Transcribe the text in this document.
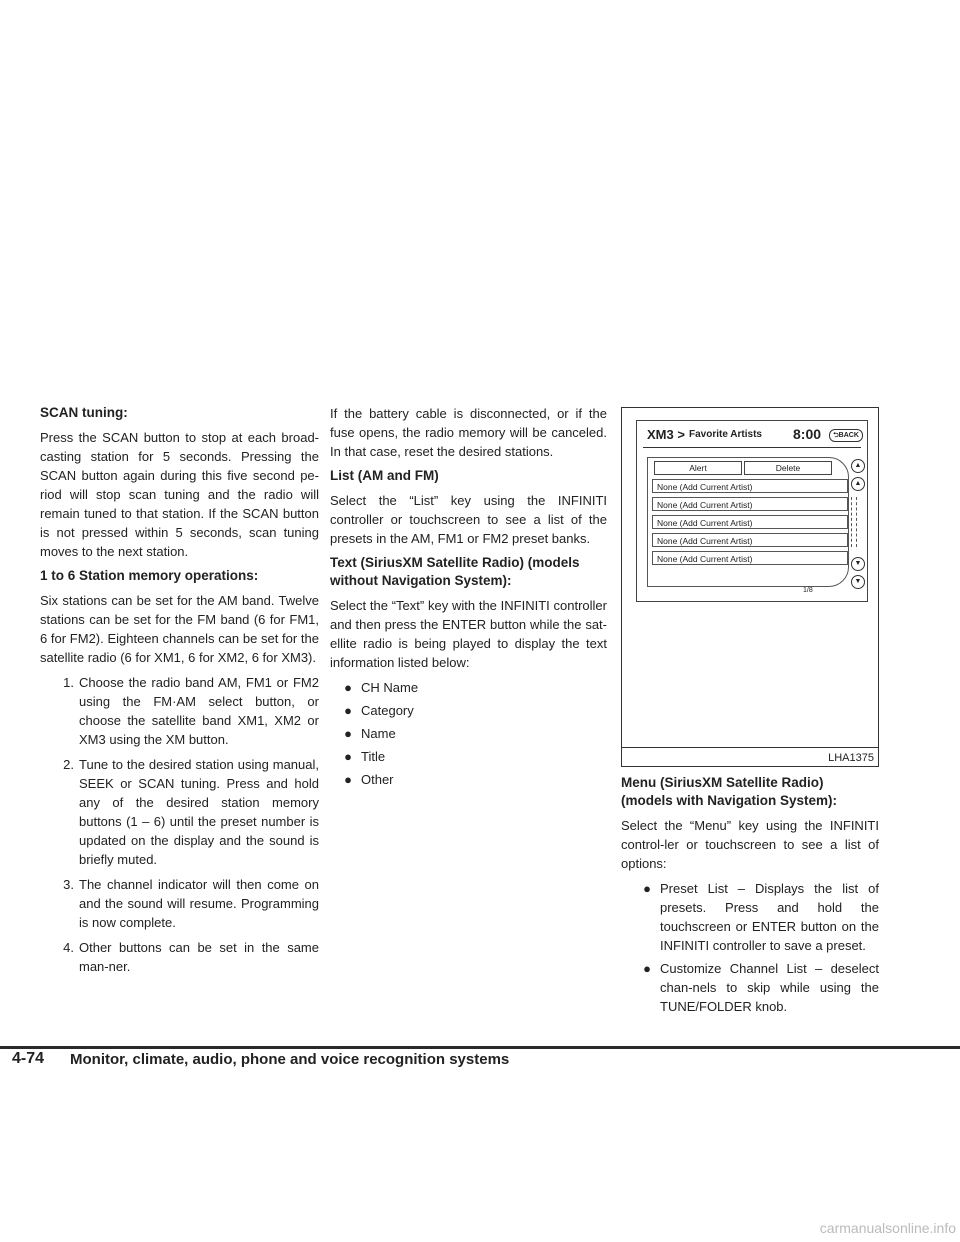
SCAN tuning:

Press the SCAN button to stop at each broad-casting station for 5 seconds. Pressing the SCAN button again during this five second pe-riod will stop scan tuning and the radio will remain tuned to that station. If the SCAN button is not pressed within 5 seconds, scan tuning moves to the next station.

1 to 6 Station memory operations:

Six stations can be set for the AM band. Twelve stations can be set for the FM band (6 for FM1, 6 for FM2). Eighteen channels can be set for the satellite radio (6 for XM1, 6 for XM2, 6 for XM3).

1. Choose the radio band AM, FM1 or FM2 using the FM·AM select button, or choose the satellite band XM1, XM2 or XM3 using the XM button.
2. Tune to the desired station using manual, SEEK or SCAN tuning. Press and hold any of the desired station memory buttons (1 – 6) until the preset number is updated on the display and the sound is briefly muted.
3. The channel indicator will then come on and the sound will resume. Programming is now complete.
4. Other buttons can be set in the same man-ner.

If the battery cable is disconnected, or if the fuse opens, the radio memory will be canceled. In that case, reset the desired stations.

List (AM and FM)

Select the “List” key using the INFINITI controller or touchscreen to see a list of the presets in the AM, FM1 or FM2 preset banks.

Text (SiriusXM Satellite Radio) (models without Navigation System):

Select the “Text” key with the INFINITI controller and then press the ENTER button while the sat-ellite radio is being played to display the text information listed below:

● CH Name
● Category
● Name
● Title
● Other
XM3 > Favorite Artists 8:00	⮌BACK
Alert	Delete
None (Add Current Artist)
None (Add Current Artist)
None (Add Current Artist)
None (Add Current Artist)
None (Add Current Artist)
▲
▲
▼
▼
1/8
LHA1375
Menu (SiriusXM Satellite Radio) (models with Navigation System):

Select the “Menu” key using the INFINITI control-ler or touchscreen to see a list of options:

● Preset List – Displays the list of presets. Press and hold the touchscreen or ENTER button on the INFINITI controller to save a preset.
● Customize Channel List – deselect chan-nels to skip while using the TUNE/FOLDER knob.
4-74 Monitor, climate, audio, phone and voice recognition systems
carmanualsonline.info
